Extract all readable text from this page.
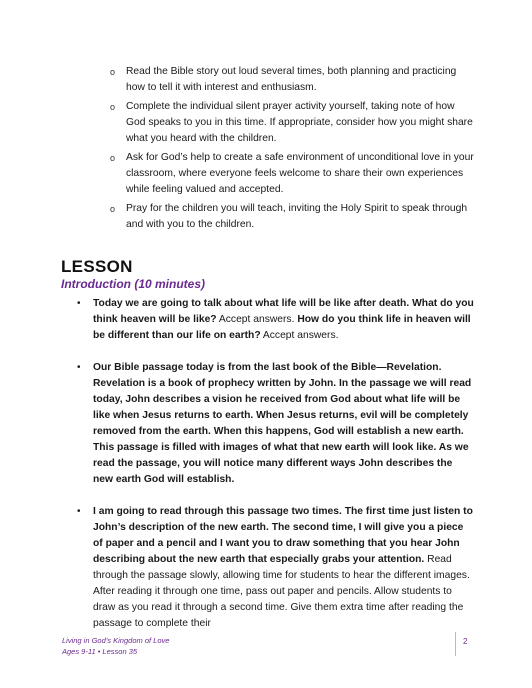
o Read the Bible story out loud several times, both planning and practicing how to tell it with interest and enthusiasm.
o Complete the individual silent prayer activity yourself, taking note of how God speaks to you in this time. If appropriate, consider how you might share what you heard with the children.
o Ask for God’s help to create a safe environment of unconditional love in your classroom, where everyone feels welcome to share their own experiences while feeling valued and accepted.
o Pray for the children you will teach, inviting the Holy Spirit to speak through and with you to the children.
LESSON
Introduction (10 minutes)
• Today we are going to talk about what life will be like after death. What do you think heaven will be like? Accept answers. How do you think life in heaven will be different than our life on earth? Accept answers.
• Our Bible passage today is from the last book of the Bible—Revelation. Revelation is a book of prophecy written by John. In the passage we will read today, John describes a vision he received from God about what life will be like when Jesus returns to earth. When Jesus returns, evil will be completely removed from the earth. When this happens, God will establish a new earth. This passage is filled with images of what that new earth will look like. As we read the passage, you will notice many different ways John describes the new earth God will establish.
• I am going to read through this passage two times. The first time just listen to John’s description of the new earth. The second time, I will give you a piece of paper and a pencil and I want you to draw something that you hear John describing about the new earth that especially grabs your attention. Read through the passage slowly, allowing time for students to hear the different images. After reading it through one time, pass out paper and pencils. Allow students to draw as you read it through a second time. Give them extra time after reading the passage to complete their
Living in God’s Kingdom of Love
Ages 9-11 • Lesson 35
2
